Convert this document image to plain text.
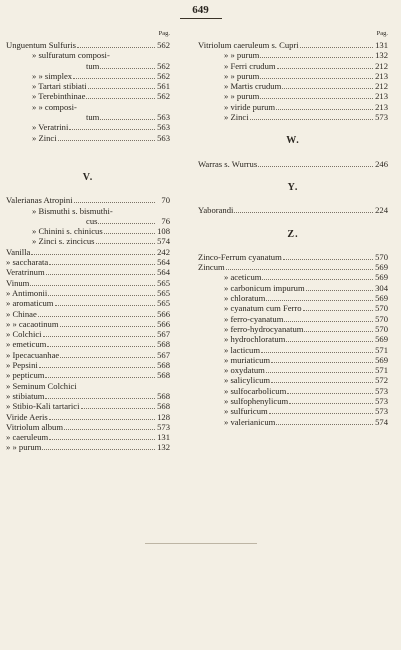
649
Pag.
Unguentum Sulfuris	562
» sulfuratum composi-
tum	562
» » simplex	562
» Tartari stibiati	561
» Terebinthinae	562
» » composi-
tum	563
» Veratrini	563
» Zinci	563
V.
Valerianas Atropini	70
» Bismuthi s. bismuthi-
cus	76
» Chinini s. chinicus	108
» Zinci s. zincicus	574
Vanilla	242
» saccharata	564
Veratrinum	564
Vinum	565
» Antimonii	565
» aromaticum	565
» Chinae	566
» » cacaotinum	566
» Colchici	567
» emeticum	568
» Ipecacuanhae	567
» Pepsini	568
» pepticum	568
» Seminum Colchici
» stibiatum	568
» Stibio-Kali tartarici	568
Viride Aeris	128
Vitriolum album	573
» caeruleum	131
» » purum	132
Pag.
Vitriolum caeruleum s. Cupri	131
» » purum	132
» Ferri crudum	212
» » purum	213
» Martis crudum	212
» » purum	213
» viride purum	213
» Zinci	573
W.
Warras s. Wurrus	246
Y.
Yaborandi	224
Z.
Zinco-Ferrum cyanatum	570
Zincum	569
» aceticum	569
» carbonicum impurum	304
» chloratum	569
» cyanatum cum Ferro	570
» ferro-cyanatum	570
» ferro-hydrocyanatum	570
» hydrochloratum	569
» lacticum	571
» muriaticum	569
» oxydatum	571
» salicylicum	572
» sulfocarbolicum	573
» sulfophenylicum	573
» sulfuricum	573
» valerianicum	574
